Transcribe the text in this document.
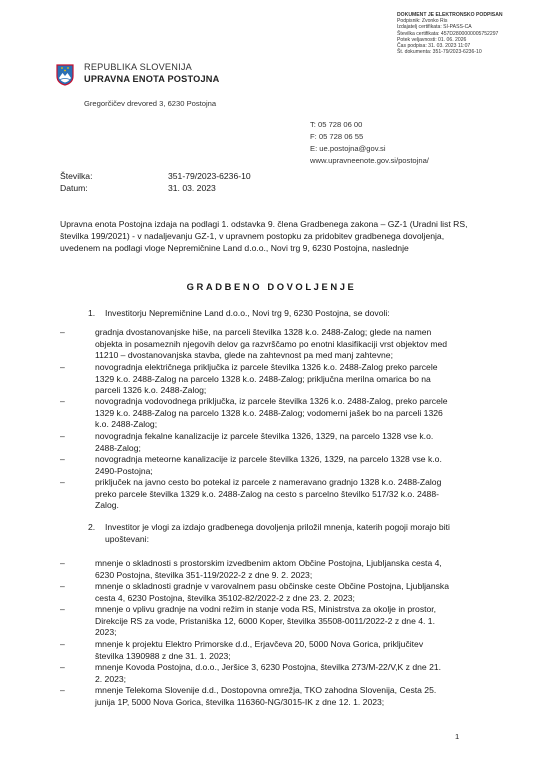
DOKUMENT JE ELEKTRONSKO PODPISAN
Podpisnik: Zvonko Ris
Izdajatelj certifikata: SI-PASS-CA
Številka certifikata: 457D2800000005752297
Potek veljavnosti: 01. 06. 2026
Čas podpisa: 31. 03. 2023 11:07
Št. dokumenta: 351-79/2023-6236-10
REPUBLIKA SLOVENIJA
UPRAVNA ENOTA POSTOJNA
Gregorčičev drevored 3, 6230 Postojna
T: 05 728 06 00
F: 05 728 06 55
E: ue.postojna@gov.si
www.upravneenote.gov.si/postojna/
Številka:	351-79/2023-6236-10
Datum:	31. 03. 2023
Upravna enota Postojna izdaja na podlagi 1. odstavka 9. člena Gradbenega zakona – GZ-1 (Uradni list RS, številka 199/2021) - v nadaljevanju GZ-1, v upravnem postopku za pridobitev gradbenega dovoljenja, uvedenem na podlagi vloge Nepremičnine Land d.o.o., Novi trg 9, 6230 Postojna, naslednje
GRADBENO DOVOLJENJE
1. Investitorju Nepremičnine Land d.o.o., Novi trg 9, 6230 Postojna, se dovoli:
–	gradnja dvostanovanjske hiše, na parceli številka 1328 k.o. 2488-Zalog; glede na namen
objekta in posameznih njegovih delov ga razvrščamo po enotni klasifikaciji vrst objektov med
11210 – dvostanovanjska stavba, glede na zahtevnost pa med manj zahtevne;
–	novogradnja električnega priključka iz parcele številka 1326 k.o. 2488-Zalog preko parcele
1329 k.o. 2488-Zalog na parcelo 1328 k.o. 2488-Zalog; priključna merilna omarica bo na
parceli 1326 k.o. 2488-Zalog;
–	novogradnja vodovodnega priključka, iz parcele številka 1326 k.o. 2488-Zalog, preko parcele
1329 k.o. 2488-Zalog na parcelo 1328 k.o. 2488-Zalog; vodomerni jašek bo na parceli 1326
k.o. 2488-Zalog;
–	novogradnja fekalne kanalizacije iz parcele številka 1326, 1329, na parcelo 1328 vse k.o.
2488-Zalog;
–	novogradnja meteorne kanalizacije iz parcele številka 1326, 1329, na parcelo 1328 vse k.o.
2490-Postojna;
–	priključek na javno cesto bo potekal iz parcele z nameravano gradnjo 1328 k.o. 2488-Zalog
preko parcele številka 1329 k.o. 2488-Zalog na cesto s parcelno številko 517/32 k.o. 2488-
Zalog.
2. Investitor je vlogi za izdajo gradbenega dovoljenja priložil mnenja, katerih pogoji morajo biti
upoštevani:
–	mnenje o skladnosti s prostorskim izvedbenim aktom Občine Postojna, Ljubljanska cesta 4,
6230 Postojna, številka 351-119/2022-2 z dne 9. 2. 2023;
–	mnenje o skladnosti gradnje v varovalnem pasu občinske ceste Občine Postojna, Ljubljanska
cesta 4, 6230 Postojna, številka 35102-82/2022-2 z dne 23. 2. 2023;
–	mnenje o vplivu gradnje na vodni režim in stanje voda RS, Ministrstva za okolje in prostor,
Direkcije RS za vode, Pristaniška 12, 6000 Koper, številka 35508-0011/2022-2 z dne 4. 1.
2023;
–	mnenje k projektu Elektro Primorske d.d., Erjavčeva 20, 5000 Nova Gorica, priključitev
številka 1390988 z dne 31. 1. 2023;
–	mnenje Kovoda Postojna, d.o.o., Jeršice 3, 6230 Postojna, številka 273/M-22/V,K z dne 21.
2. 2023;
–	mnenje Telekoma Slovenije d.d., Dostopovna omrežja, TKO zahodna Slovenija, Cesta 25.
junija 1P, 5000 Nova Gorica, številka 116360-NG/3015-IK z dne 12. 1. 2023;
1
